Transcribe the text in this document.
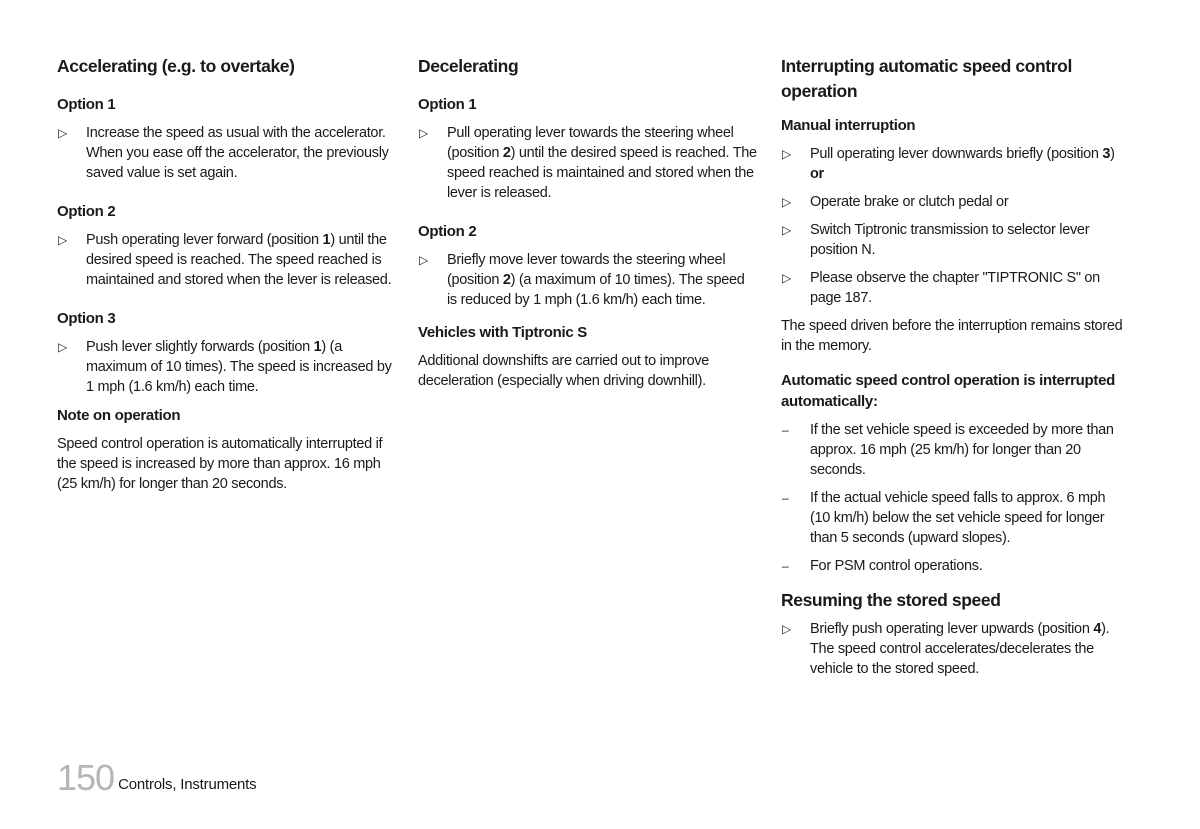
Accelerating (e.g. to overtake)
Option 1
▷	Increase the speed as usual with the accelerator. When you ease off the accelerator, the previously saved value is set again.
Option 2
▷	Push operating lever forward (position 1) until the desired speed is reached. The speed reached is maintained and stored when the lever is released.
Option 3
▷	Push lever slightly forwards (position 1) (a maximum of 10 times). The speed is increased by 1 mph (1.6 km/h) each time.
Note on operation

Speed control operation is automatically interrupted if the speed is increased by more than approx. 16 mph (25 km/h) for longer than 20 seconds.

Decelerating
Option 1
▷	Pull operating lever towards the steering wheel (position 2) until the desired speed is reached. The speed reached is maintained and stored when the lever is released.
Option 2
▷	Briefly move lever towards the steering wheel (position 2) (a maximum of 10 times). The speed is reduced by 1 mph (1.6 km/h) each time.
Vehicles with Tiptronic S

Additional downshifts are carried out to improve deceleration (especially when driving downhill).

Interrupting automatic speed control operation
Manual interruption
▷	Pull operating lever downwards briefly (position 3) or
▷	Operate brake or clutch pedal or
▷	Switch Tiptronic transmission to selector lever position N.
▷	Please observe the chapter "TIPTRONIC S" on page 187.

The speed driven before the interruption remains stored in the memory.

Automatic speed control operation is interrupted automatically:
–	If the set vehicle speed is exceeded by more than approx. 16 mph (25 km/h) for longer than 20 seconds.
–	If the actual vehicle speed falls to approx. 6 mph (10 km/h) below the set vehicle speed for longer than 5 seconds (upward slopes).
–	For PSM control operations.
Resuming the stored speed
▷	Briefly push operating lever upwards (position 4). The speed control accelerates/decelerates the vehicle to the stored speed.
150 Controls, Instruments
